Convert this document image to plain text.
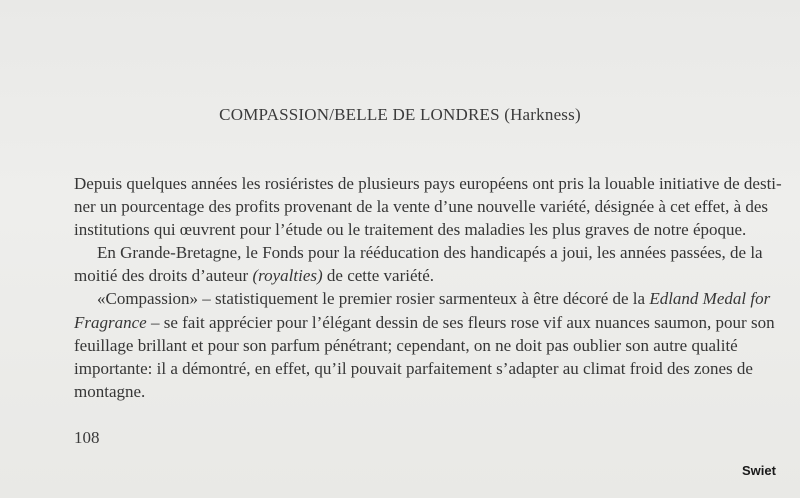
COMPASSION/BELLE DE LONDRES (Harkness)
Depuis quelques années les rosiéristes de plusieurs pays européens ont pris la louable initiative de desti-
ner un pourcentage des profits provenant de la vente d’une nouvelle variété, désignée à cet effet, à des
institutions qui œuvrent pour l’étude ou le traitement des maladies les plus graves de notre époque.
En Grande-Bretagne, le Fonds pour la rééducation des handicapés a joui, les années passées, de la
moitié des droits d’auteur (royalties) de cette variété.
«Compassion» – statistiquement le premier rosier sarmenteux à être décoré de la Edland Medal for
Fragrance – se fait apprécier pour l’élégant dessin de ses fleurs rose vif aux nuances saumon, pour son
feuillage brillant et pour son parfum pénétrant; cependant, on ne doit pas oublier son autre qualité
importante: il a démontré, en effet, qu’il pouvait parfaitement s’adapter au climat froid des zones de
montagne.
108
Swiet
